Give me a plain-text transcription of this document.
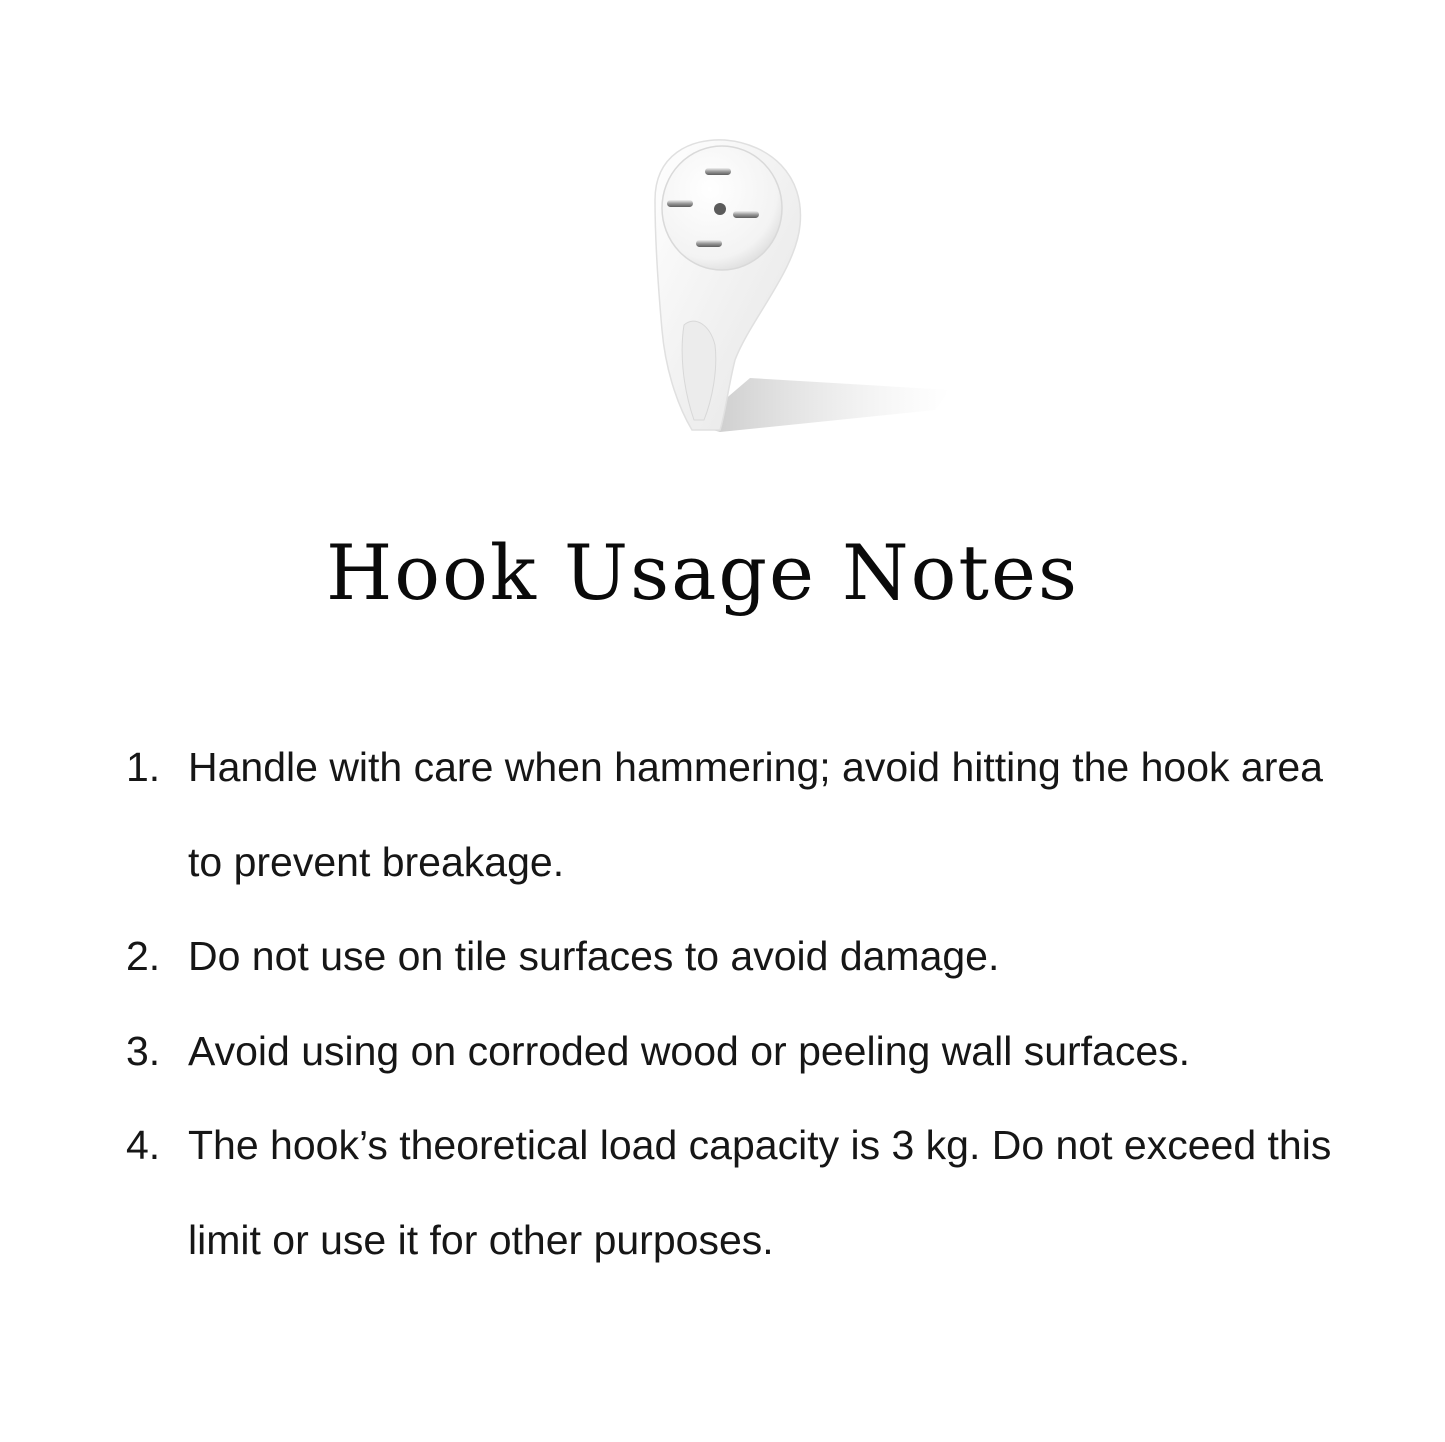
Hook Usage Notes
1. Handle with care when hammering; avoid hitting the hook area to prevent breakage.
2. Do not use on tile surfaces to avoid damage.
3. Avoid using on corroded wood or peeling wall surfaces.
4. The hook’s theoretical load capacity is 3 kg. Do not exceed this limit or use it for other purposes.
